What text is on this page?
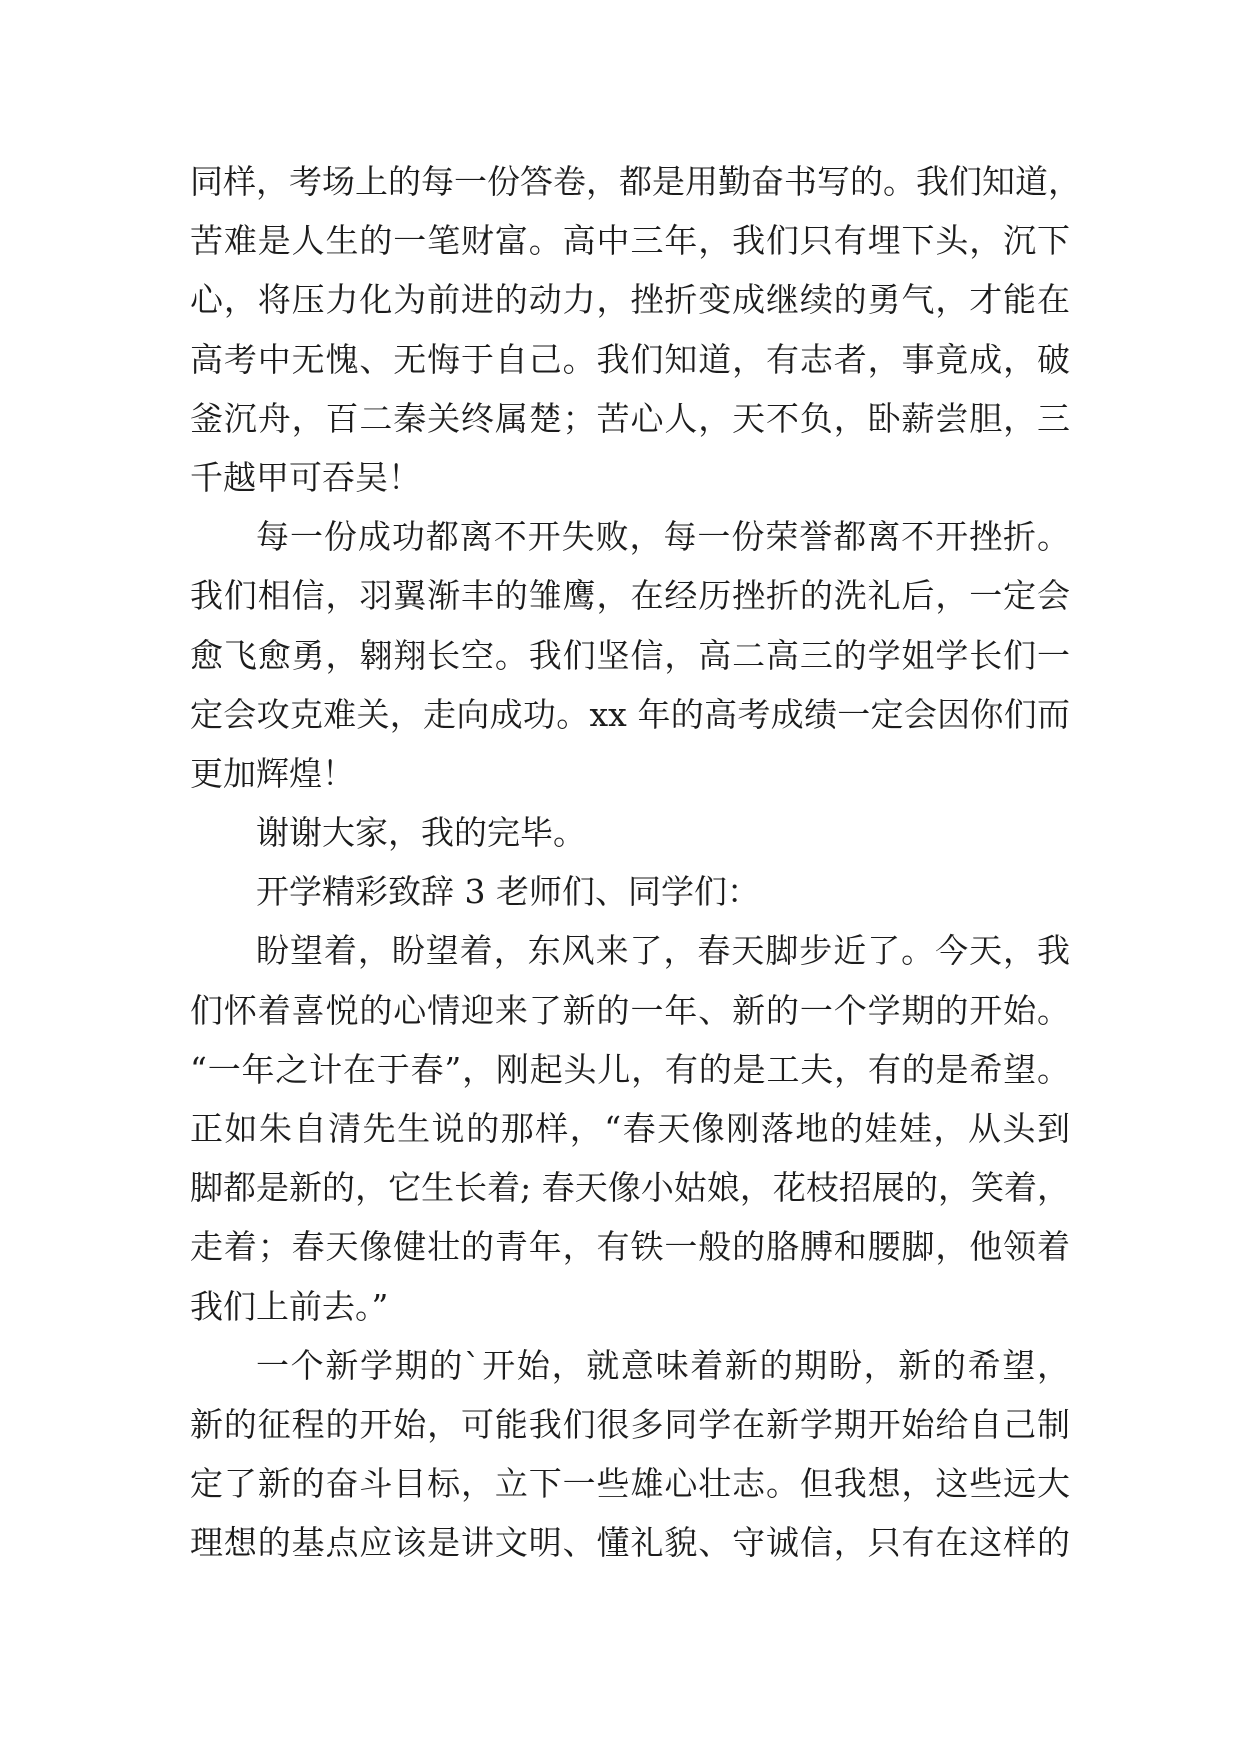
同样，考场上的每一份答卷，都是用勤奋书写的。我们知道，
苦难是人生的一笔财富。高中三年，我们只有埋下头，沉下
心，将压力化为前进的动力，挫折变成继续的勇气，才能在
高考中无愧、无悔于自己。我们知道，有志者，事竟成，破
釜沉舟，百二秦关终属楚；苦心人，天不负，卧薪尝胆，三
千越甲可吞吴！
每一份成功都离不开失败，每一份荣誉都离不开挫折。
我们相信，羽翼渐丰的雏鹰，在经历挫折的洗礼后，一定会
愈飞愈勇，翱翔长空。我们坚信，高二高三的学姐学长们一
定会攻克难关，走向成功。xx 年的高考成绩一定会因你们而
更加辉煌！
谢谢大家，我的完毕。
开学精彩致辞 3 老师们、同学们：
盼望着，盼望着，东风来了，春天脚步近了。今天，我
们怀着喜悦的心情迎来了新的一年、新的一个学期的开始。
“一年之计在于春”，刚起头儿，有的是工夫，有的是希望。
正如朱自清先生说的那样，“春天像刚落地的娃娃，从头到
脚都是新的，它生长着; 春天像小姑娘，花枝招展的，笑着，
走着；春天像健壮的青年，有铁一般的胳膊和腰脚，他领着
我们上前去。”
一个新学期的`开始，就意味着新的期盼，新的希望，
新的征程的开始，可能我们很多同学在新学期开始给自己制
定了新的奋斗目标，立下一些雄心壮志。但我想，这些远大
理想的基点应该是讲文明、懂礼貌、守诚信，只有在这样的
